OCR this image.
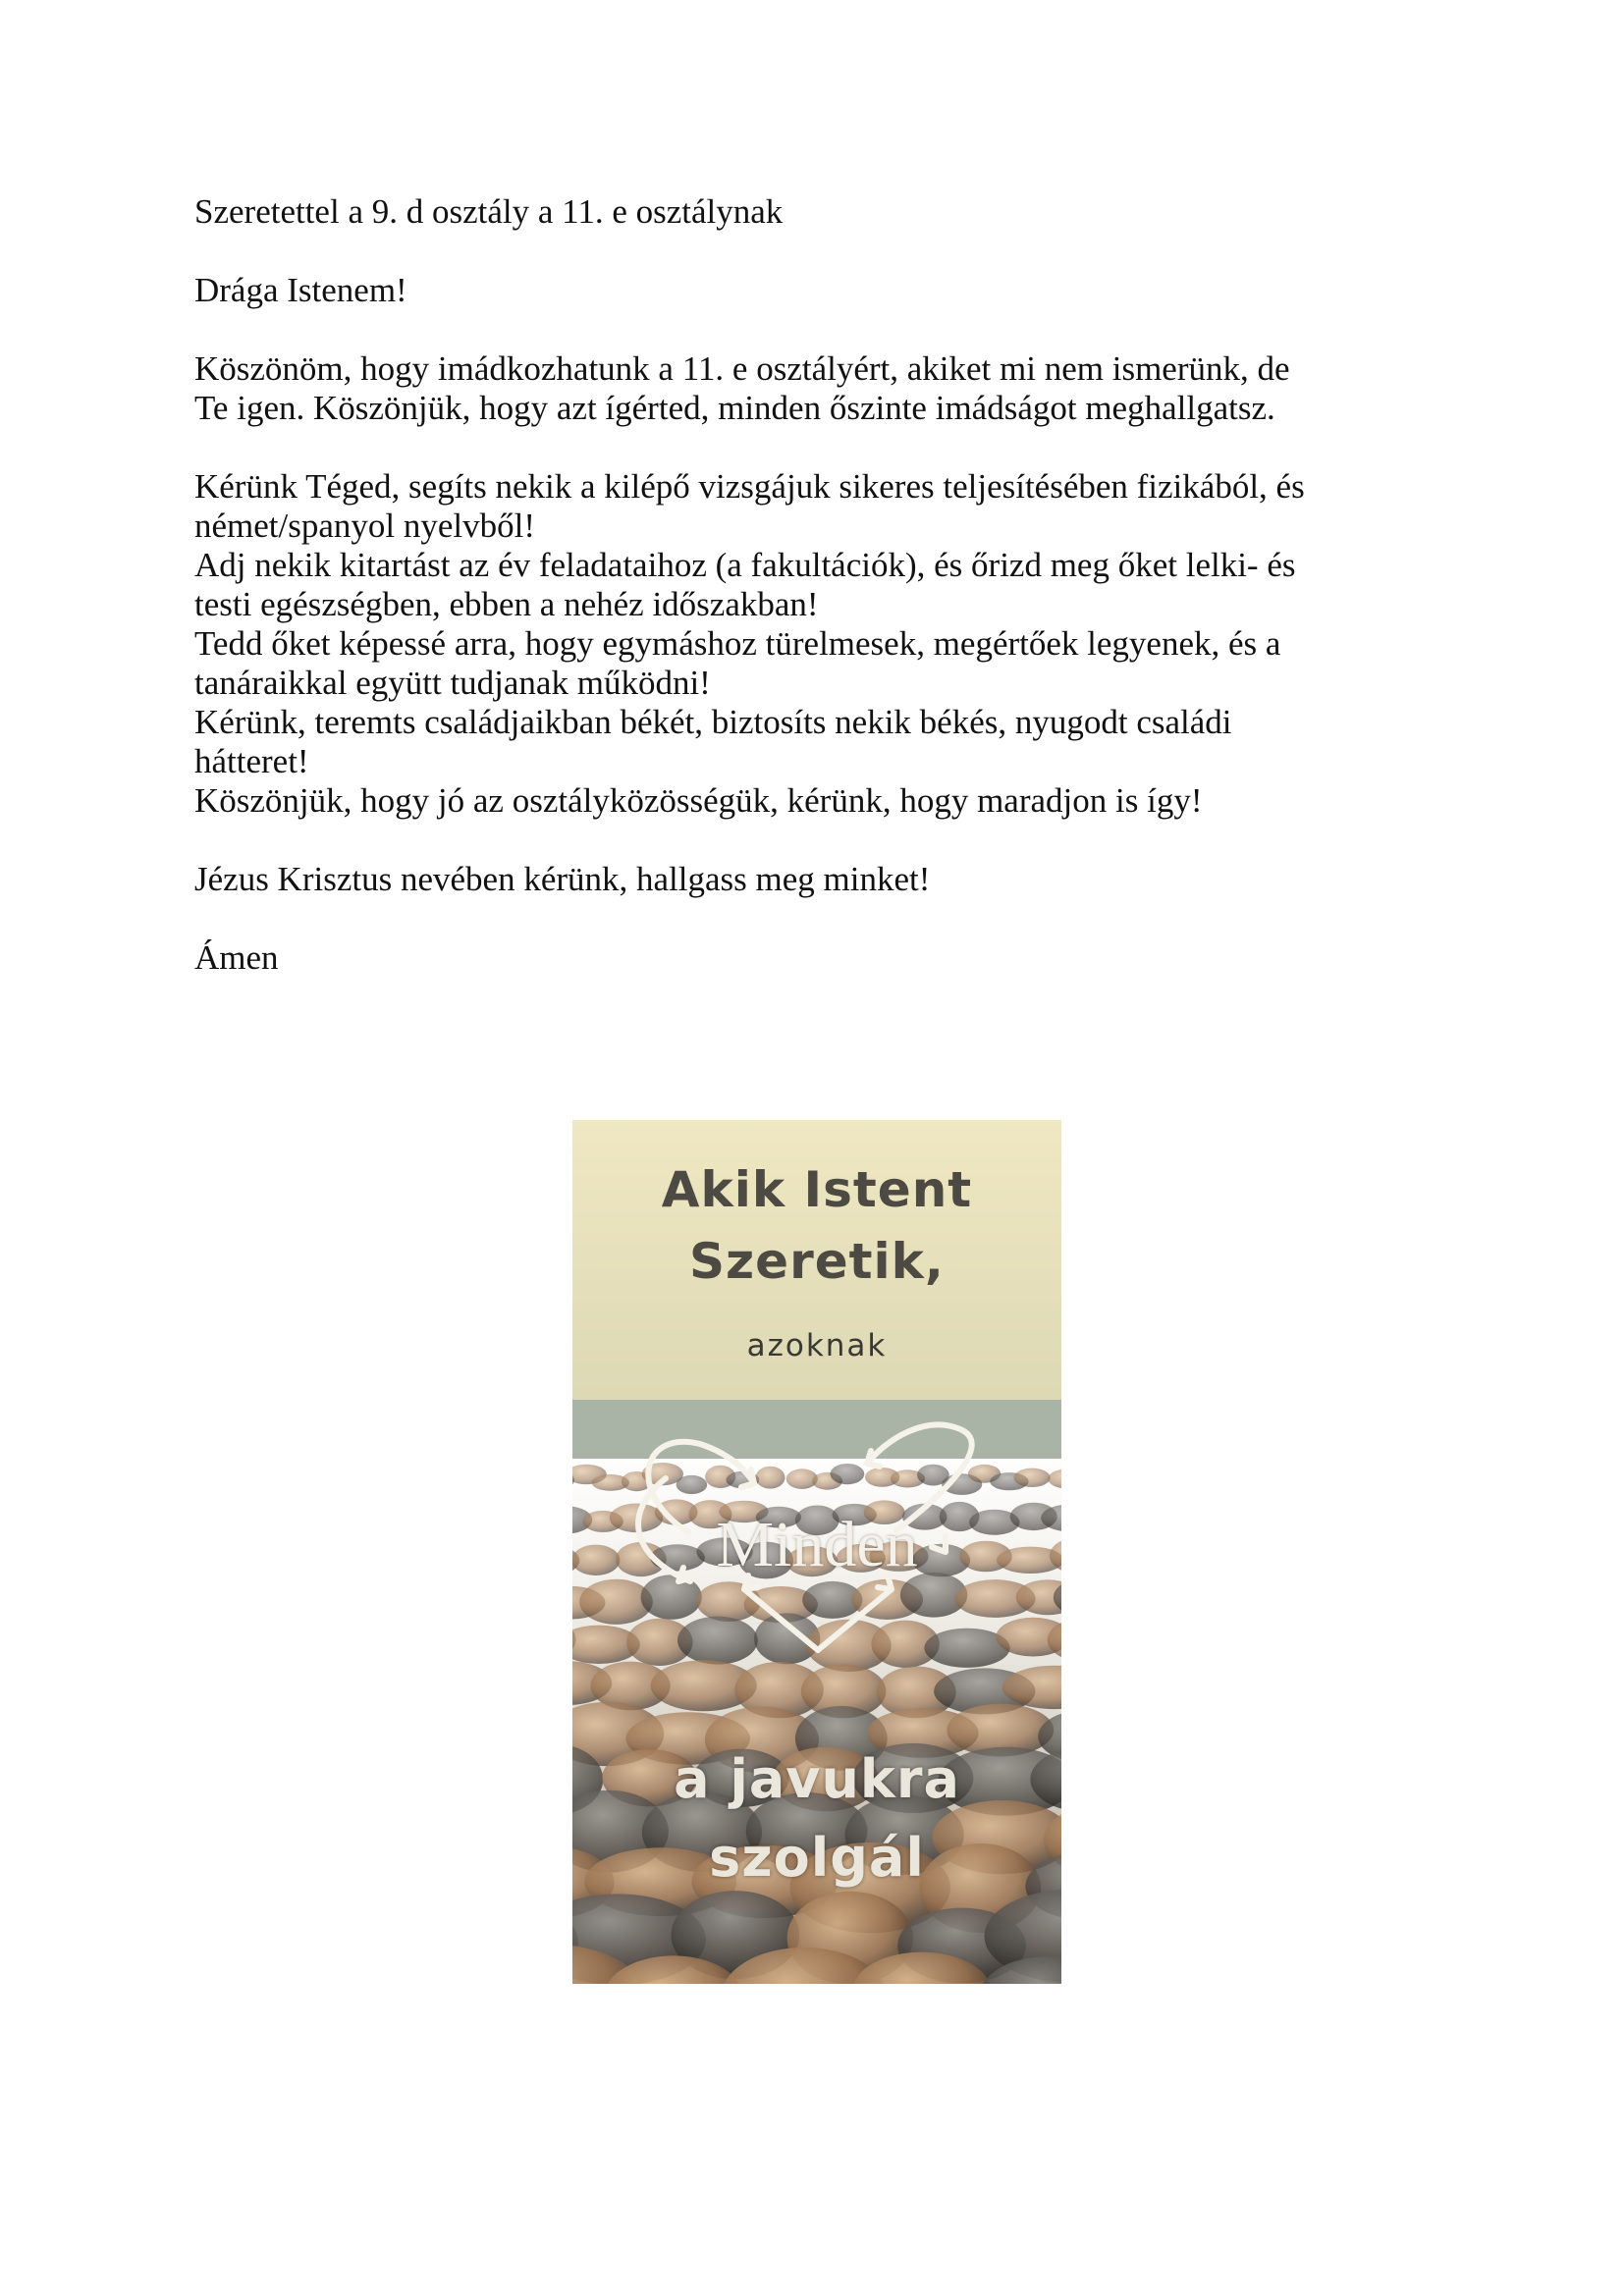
Szeretettel a 9. d osztály a 11. e osztálynak

Drága Istenem!

Köszönöm, hogy imádkozhatunk a 11. e osztályért, akiket mi nem ismerünk, de

Te igen. Köszönjük, hogy azt ígérted, minden őszinte imádságot meghallgatsz.

Kérünk Téged, segíts nekik a kilépő vizsgájuk sikeres teljesítésében fizikából, és

német/spanyol nyelvből!

Adj nekik kitartást az év feladataihoz (a fakultációk), és őrizd meg őket lelki- és

testi egészségben, ebben a nehéz időszakban!

Tedd őket képessé arra, hogy egymáshoz türelmesek, megértőek legyenek, és a

tanáraikkal együtt tudjanak működni!

Kérünk, teremts családjaikban békét, biztosíts nekik békés, nyugodt családi

hátteret!

Köszönjük, hogy jó az osztályközösségük, kérünk, hogy maradjon is így!

Jézus Krisztus nevében kérünk, hallgass meg minket!

Ámen

Akik Istent
Szeretik,
azoknak
Minden
a javukra
szolgál
